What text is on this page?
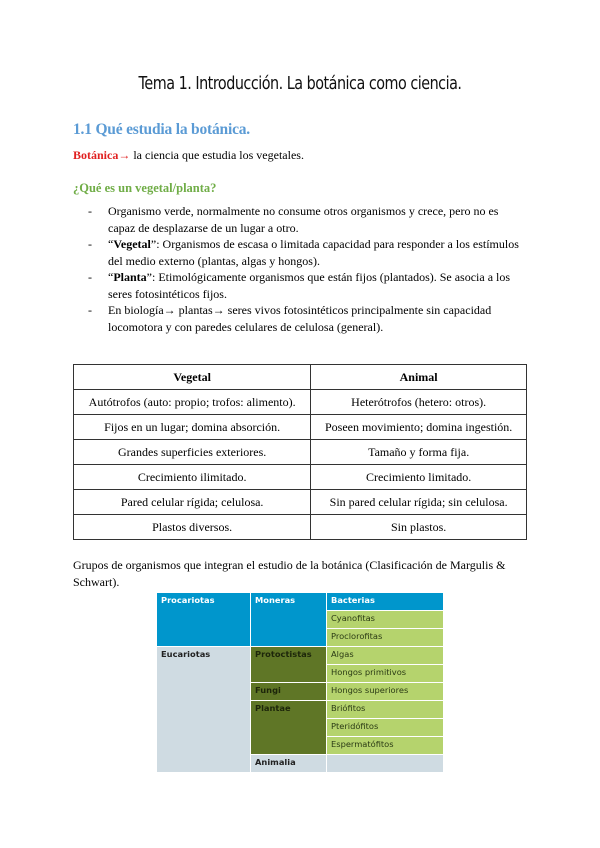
Tema 1. Introducción. La botánica como ciencia.
1.1 Qué estudia la botánica.
Botánica→ la ciencia que estudia los vegetales.
¿Qué es un vegetal/planta?
- Organismo verde, normalmente no consume otros organismos y crece, pero no es capaz de desplazarse de un lugar a otro.
- “Vegetal”: Organismos de escasa o limitada capacidad para responder a los estímulos del medio externo (plantas, algas y hongos).
- “Planta”: Etimológicamente organismos que están fijos (plantados). Se asocia a los seres fotosintéticos fijos.
- En biología→ plantas→ seres vivos fotosintéticos principalmente sin capacidad locomotora y con paredes celulares de celulosa (general).
Vegetal	Animal
Autótrofos (auto: propio; trofos: alimento).	Heterótrofos (hetero: otros).
Fijos en un lugar; domina absorción.	Poseen movimiento; domina ingestión.
Grandes superficies exteriores.	Tamaño y forma fija.
Crecimiento ilimitado.	Crecimiento limitado.
Pared celular rígida; celulosa.	Sin pared celular rígida; sin celulosa.
Plastos diversos.	Sin plastos.
Grupos de organismos que integran el estudio de la botánica (Clasificación de Margulis & Schwart).
Procariotas	Moneras	Bacterias
		Cyanofitas
		Proclorofitas
Eucariotas	Protoctistas	Algas
		Hongos primitivos
	Fungi	Hongos superiores
	Plantae	Briófitos
		Pteridófitos
		Espermatófitos
	Animalia	
